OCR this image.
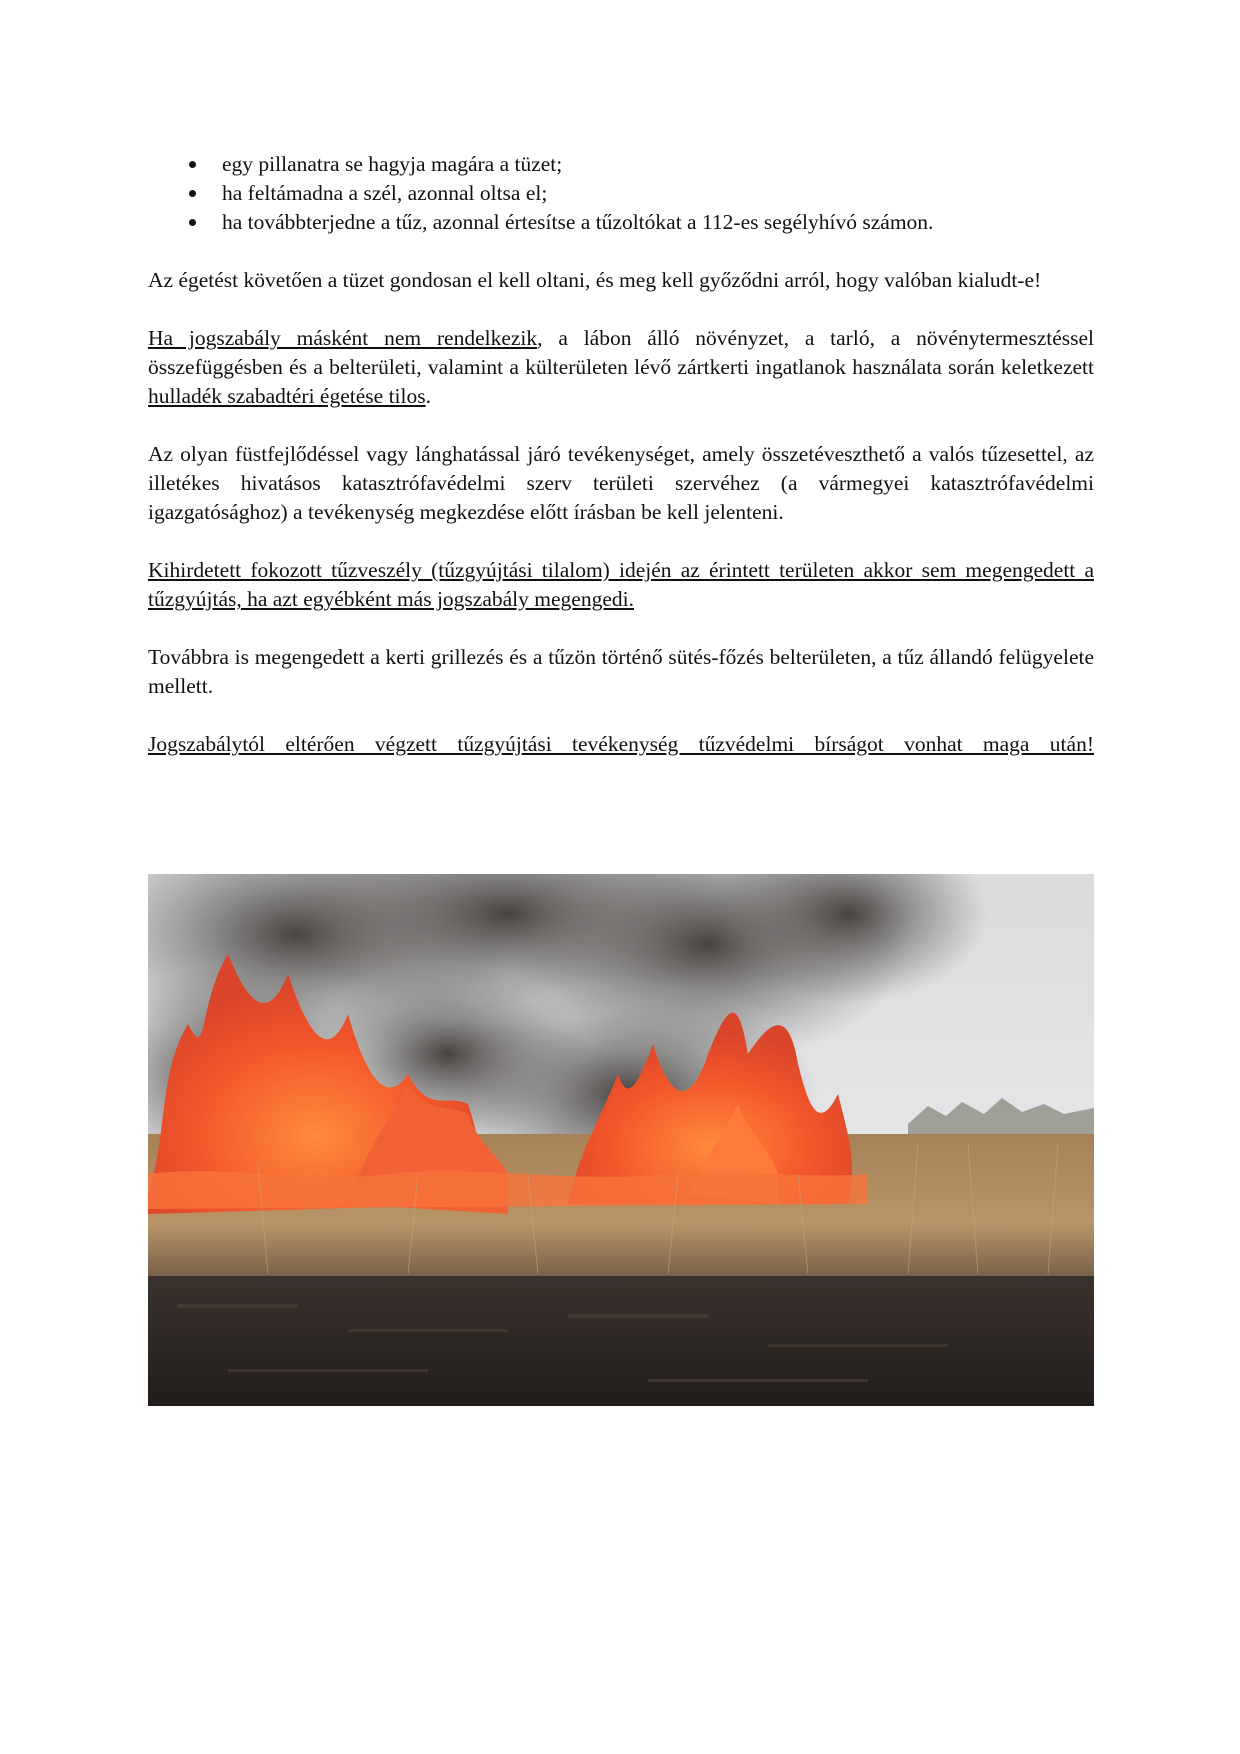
egy pillanatra se hagyja magára a tüzet;
ha feltámadna a szél, azonnal oltsa el;
ha továbbterjedne a tűz, azonnal értesítse a tűzoltókat a 112-es segélyhívó számon.

Az égetést követően a tüzet gondosan el kell oltani, és meg kell győződni arról, hogy valóban kialudt-e!

Ha jogszabály másként nem rendelkezik, a lábon álló növényzet, a tarló, a növénytermesztéssel összefüggésben és a belterületi, valamint a külterületen lévő zártkerti ingatlanok használata során keletkezett hulladék szabadtéri égetése tilos.

Az olyan füstfejlődéssel vagy lánghatással járó tevékenységet, amely összetéveszthető a valós tűzesettel, az illetékes hivatásos katasztrófavédelmi szerv területi szervéhez (a vármegyei katasztrófavédelmi igazgatósághoz) a tevékenység megkezdése előtt írásban be kell jelenteni.

Kihirdetett fokozott tűzveszély (tűzgyújtási tilalom) idején az érintett területen akkor sem megengedett a tűzgyújtás, ha azt egyébként más jogszabály megengedi.

Továbbra is megengedett a kerti grillezés és a tűzön történő sütés-főzés belterületen, a tűz állandó felügyelete mellett.

Jogszabálytól eltérően végzett tűzgyújtási tevékenység tűzvédelmi bírságot vonhat maga után!
